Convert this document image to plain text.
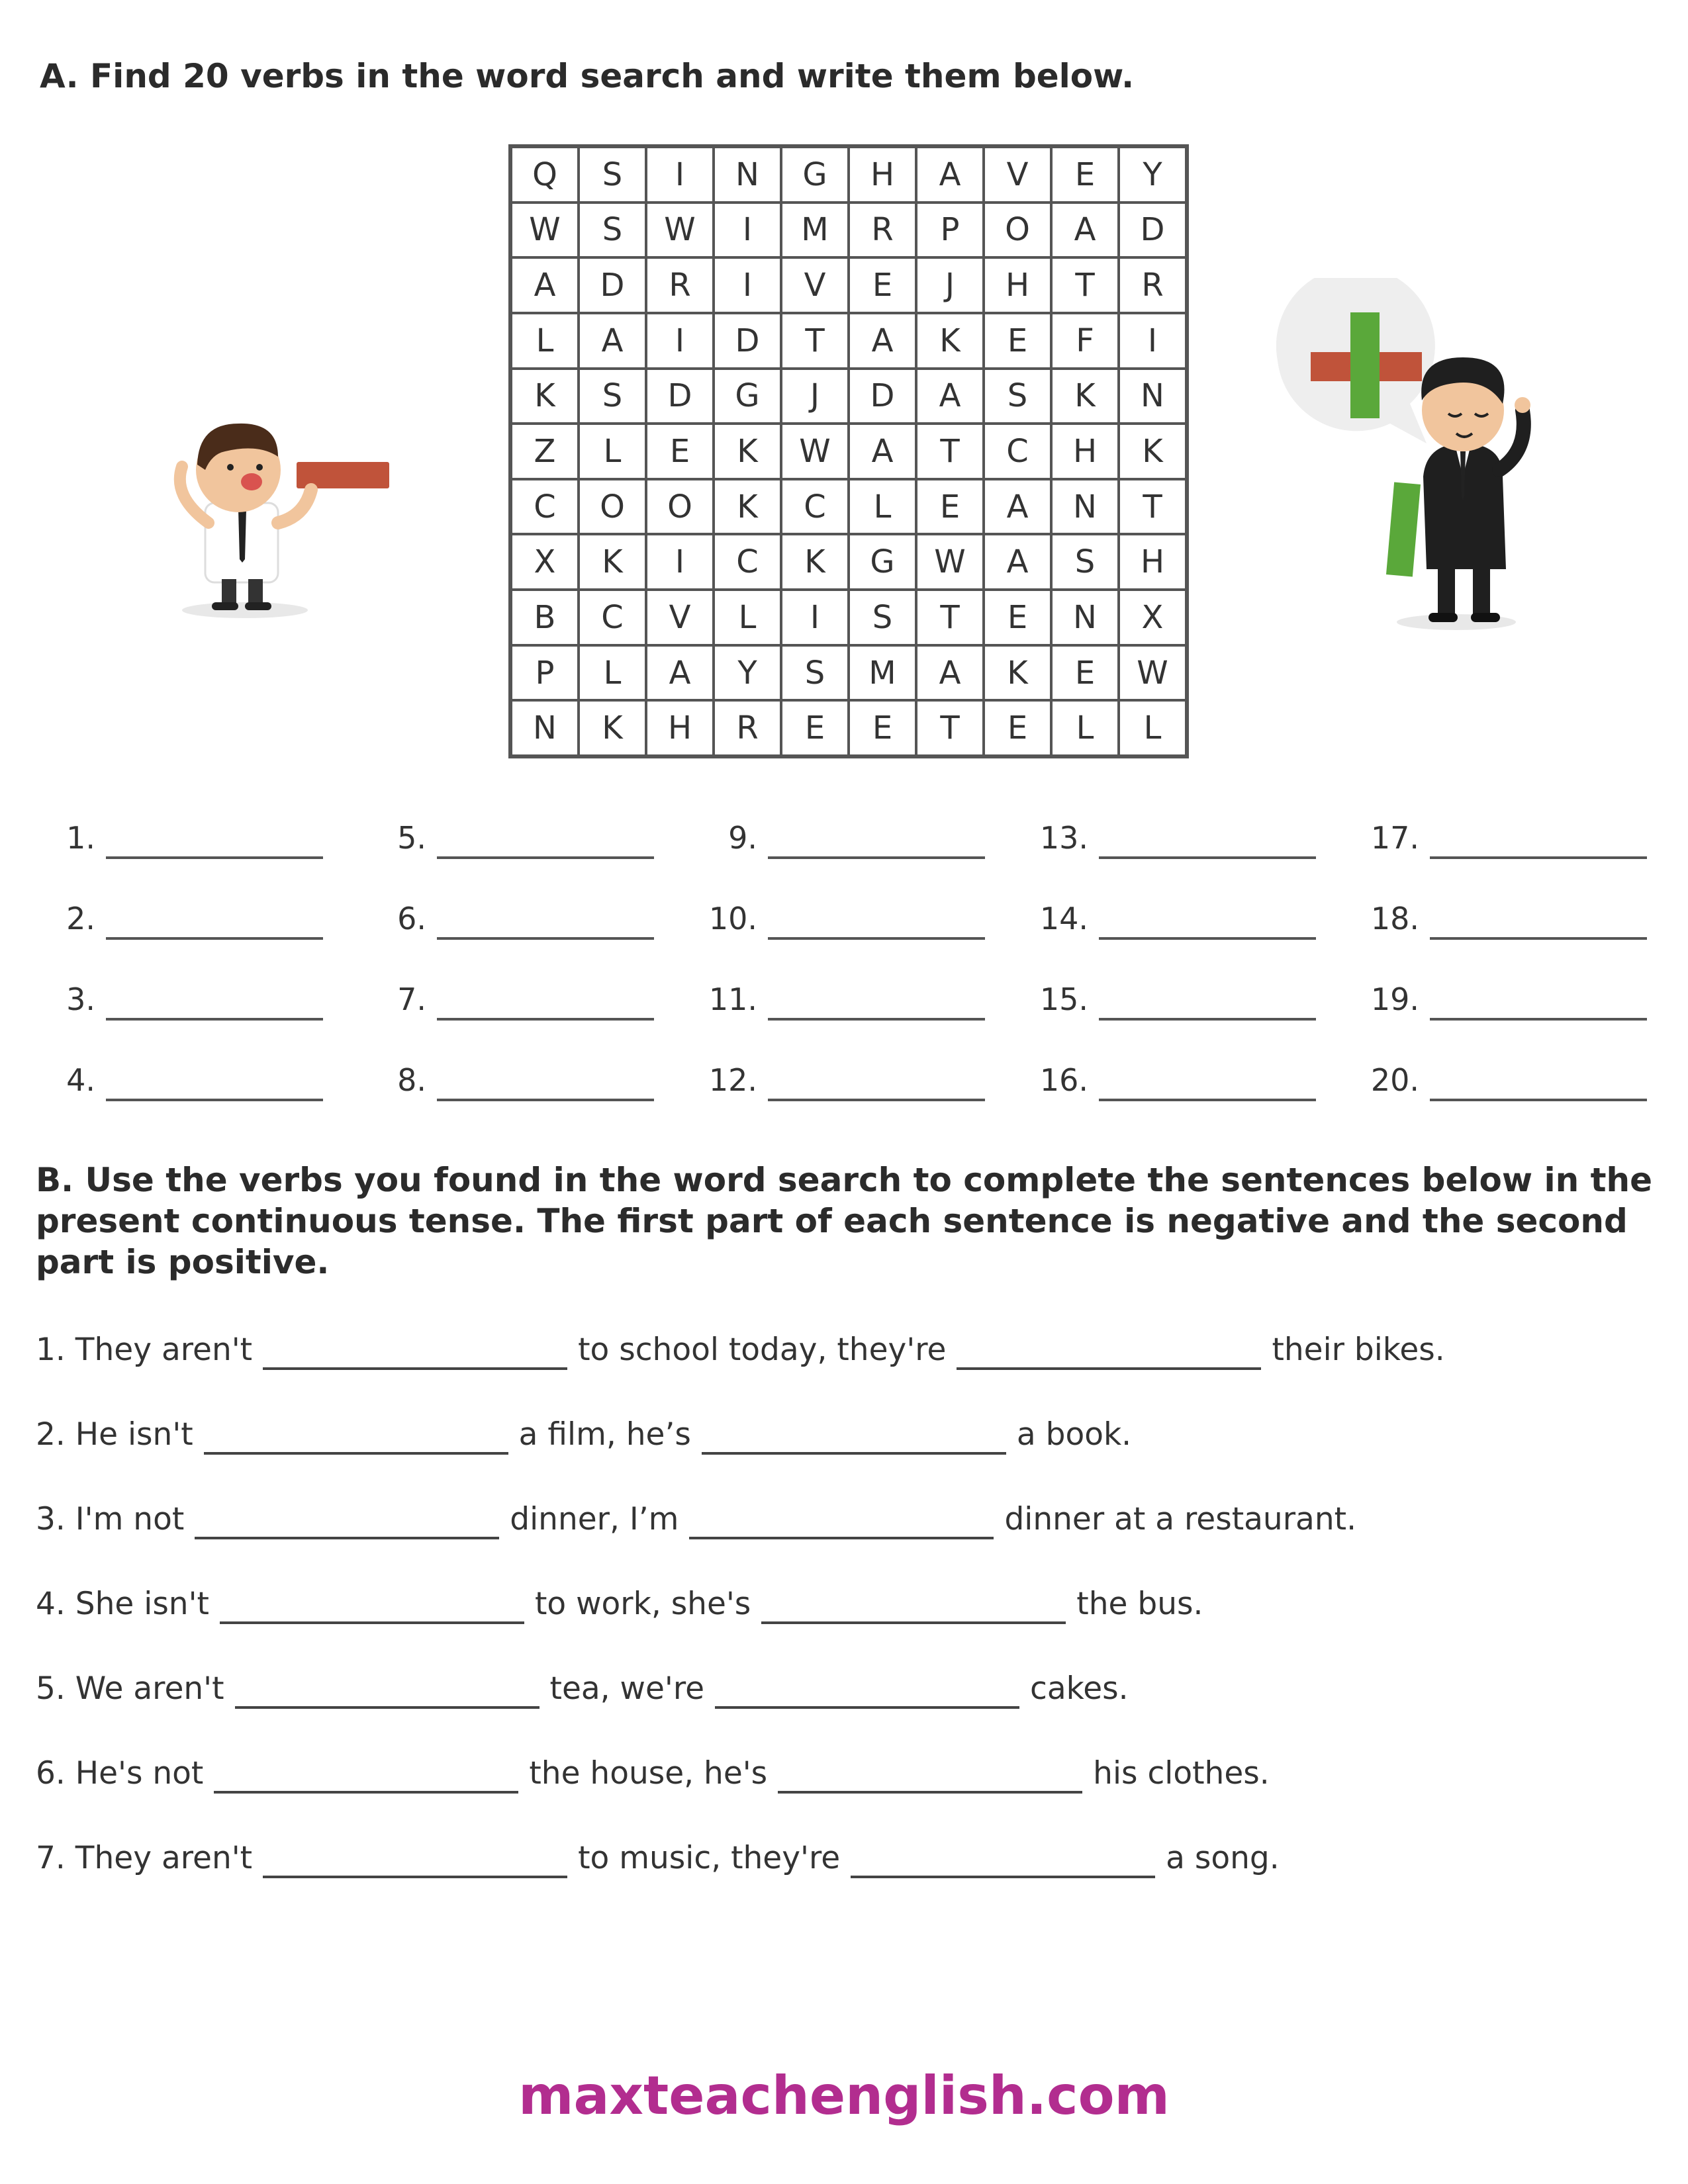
A. Find 20 verbs in the word search and write them below.
Q	S	I	N	G	H	A	V	E	Y
W	S	W	I	M	R	P	O	A	D
A	D	R	I	V	E	J	H	T	R
L	A	I	D	T	A	K	E	F	I
K	S	D	G	J	D	A	S	K	N
Z	L	E	K	W	A	T	C	H	K
C	O	O	K	C	L	E	A	N	T
X	K	I	C	K	G	W	A	S	H
B	C	V	L	I	S	T	E	N	X
P	L	A	Y	S	M	A	K	E	W
N	K	H	R	E	E	T	E	L	L
1.
2.
3.
4.
5.
6.
7.
8.
9.
10.
11.
12.
13.
14.
15.
16.
17.
18.
19.
20.
B. Use the verbs you found in the word search to complete the sentences below in the present continuous tense. The first part of each sentence is negative and the second part is positive.
1. They aren't	to school today, they're	their bikes.
2. He isn't	a film, he’s	a book.
3. I'm not	dinner, I’m	dinner at a restaurant.
4. She isn't	to work, she's	the bus.
5. We aren't	tea, we're	cakes.
6. He's not	the house, he's	his clothes.
7. They aren't	to music, they're	a song.
maxteachenglish.com
